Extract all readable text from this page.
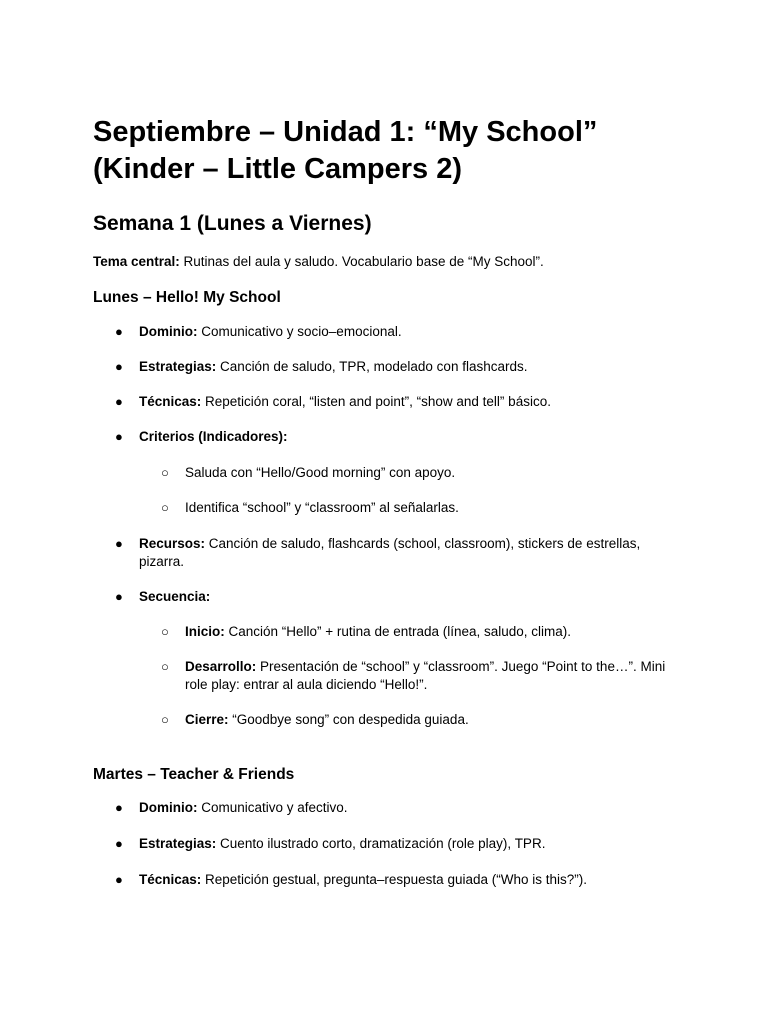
Septiembre – Unidad 1: “My School”
(Kinder – Little Campers 2)
Semana 1 (Lunes a Viernes)

Tema central: Rutinas del aula y saludo. Vocabulario base de “My School”.

Lunes – Hello! My School
● Dominio: Comunicativo y socio–emocional.
● Estrategias: Canción de saludo, TPR, modelado con flashcards.
● Técnicas: Repetición coral, “listen and point”, “show and tell” básico.
● Criterios (Indicadores):
○ Saluda con “Hello/Good morning” con apoyo.
○ Identifica “school” y “classroom” al señalarlas.
● Recursos: Canción de saludo, flashcards (school, classroom), stickers de estrellas, pizarra.
● Secuencia:
○ Inicio: Canción “Hello” + rutina de entrada (línea, saludo, clima).
○ Desarrollo: Presentación de “school” y “classroom”. Juego “Point to the…”. Mini role play: entrar al aula diciendo “Hello!”.
○ Cierre: “Goodbye song” con despedida guiada.
Martes – Teacher & Friends
● Dominio: Comunicativo y afectivo.
● Estrategias: Cuento ilustrado corto, dramatización (role play), TPR.
● Técnicas: Repetición gestual, pregunta–respuesta guiada (“Who is this?”).
